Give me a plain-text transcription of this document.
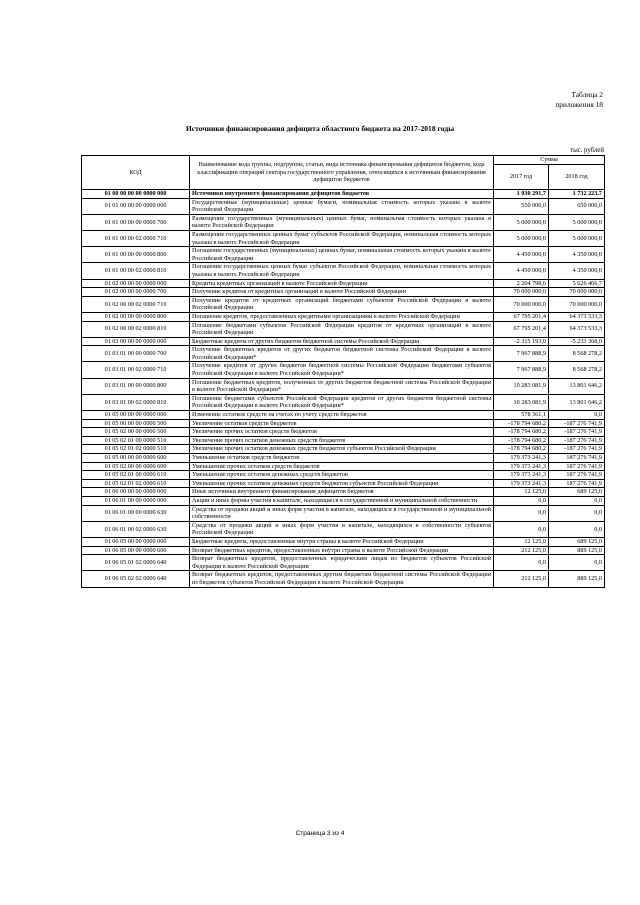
Таблица 2
приложения 18
Источники финансирования дефицита областного бюджета на 2017-2018 годы
тыс. рублей
КОД	Наименование кода группы, подгруппы, статьи, вида источника финансирования дефицитов бюджетов, кода классификации операций сектора государственного управления, относящихся к источникам финансирования дефицитов бюджетов	Сумма	
		2017 год	2018 год
01 00 00 00 00 0000 000	Источники внутреннего финансирования дефицитов бюджетов	1 030 291,7	1 732 223,7
01 01 00 00 00 0000 000	Государственные (муниципальные) ценные бумаги, номинальная стоимость которых указана в валюте Российской Федерации	550 000,0	650 000,0
01 01 00 00 00 0000 700	Размещение государственных (муниципальных) ценных бумаг, номинальная стоимость которых указана в валюте Российской Федерации	5 000 000,0	5 000 000,0
01 01 00 00 02 0000 710	Размещение государственных ценных бумаг субъектов Российской Федерации, номинальная стоимость которых указана в валюте Российской Федерации	5 000 000,0	5 000 000,0
01 01 00 00 00 0000 800	Погашение государственных (муниципальных) ценных бумаг, номинальная стоимость которых указана в валюте Российской Федерации	4 450 000,0	4 350 000,0
01 01 00 00 02 0000 810	Погашение государственных ценных бумаг субъектов Российской Федерации, номинальная стоимость которых указана в валюте Российской Федерации	4 450 000,0	4 350 000,0
01 02 00 00 00 0000 000	Кредиты кредитных организаций в валюте Российской Федерации	2 204 798,6	5 626 466,7
01 02 00 00 00 0000 700	Получение кредитов от кредитных организаций в валюте Российской Федерации	70 000 000,0	70 000 000,0
01 02 00 00 02 0000 710	Получение кредитов от кредитных организаций бюджетами субъектов Российской Федерации в валюте Российской Федерации	70 000 000,0	70 000 000,0
01 02 00 00 00 0000 800	Погашение кредитов, предоставленных кредитными организациями в валюте Российской Федерации	67 795 201,4	64 373 533,3
01 02 00 00 02 0000 810	Погашение бюджетами субъектов Российской Федерации кредитов от кредитных организаций в валюте Российской Федерации	67 795 201,4	64 373 533,3
01 03 00 00 00 0000 000	Бюджетные кредиты от других бюджетов бюджетной системы Российской Федерации	-2 315 193,0	-5 233 368,0
01 03 01 00 00 0000 700	Получение бюджетных кредитов от других бюджетов бюджетной системы Российской Федерации в валюте Российской Федерации*	7 967 888,9	8 568 278,2
01 03 01 00 02 0000 710	Получение кредитов от других бюджетов бюджетной системы Российской Федерации бюджетами субъектов Российской Федерации в валюте Российской Федерации*	7 967 888,9	8 568 278,2
01 03 01 00 00 0000 800	Погашение бюджетных кредитов, полученных от других бюджетов бюджетной системы Российской Федерации в валюте Российской Федерации*	10 283 081,9	13 801 646,2
01 03 01 00 02 0000 810	Погашение бюджетами субъектов Российской Федерации кредитов от других бюджетов бюджетной системы Российской Федерации в валюте Российской Федерации*	10 283 081,9	13 801 646,2
01 05 00 00 00 0000 000	Изменение остатков средств на счетах по учету средств бюджетов	578 561,1	0,0
01 05 00 00 00 0000 500	Увеличение остатков средств бюджетов	-178 794 680,2	-187 276 741,9
01 05 02 00 00 0000 500	Увеличение прочих остатков средств бюджетов	-178 794 680,2	-187 276 741,9
01 05 02 01 00 0000 510	Увеличение прочих остатков денежных средств бюджетов	-178 794 680,2	-187 276 741,9
01 05 02 01 02 0000 510	Увеличение прочих остатков денежных средств бюджетов субъектов Российской Федерации	-178 794 680,2	-187 276 741,9
01 05 00 00 00 0000 600	Уменьшение остатков средств бюджетов	179 373 241,3	187 276 741,9
01 05 02 00 00 0000 600	Уменьшение прочих остатков средств бюджетов	179 373 241,3	187 276 741,9
01 05 02 01 00 0000 610	Уменьшение прочих остатков денежных средств бюджетов	179 373 241,3	187 276 741,9
01 05 02 01 02 0000 610	Уменьшение прочих остатков денежных средств бюджетов субъектов Российской Федерации	179 373 241,3	187 276 741,9
01 06 00 00 00 0000 000	Иные источники внутреннего финансирования дефицитов бюджетов	12 125,0	689 125,0
01 06 01 00 00 0000 000	Акции и иные формы участия в капитале, находящиеся в государственной и муниципальной собственности	0,0	0,0
01 06 01 00 00 0000 630	Средства от продажи акций и иных форм участия в капитале, находящихся в государственной и муниципальной собственности	0,0	0,0
01 06 01 00 02 0000 630	Средства от продажи акций и иных форм участия в капитале, находящихся в собственности субъектов Российской Федерации	0,0	0,0
01 06 05 00 00 0000 000	Бюджетные кредиты, предоставленные внутри страны в валюте Российской Федерации	12 125,0	689 125,0
01 06 05 00 00 0000 600	Возврат бюджетных кредитов, предоставленных внутри страны в валюте Российской Федерации	212 125,0	889 125,0
01 06 05 01 02 0000 640	Возврат бюджетных кредитов, предоставленных юридическим лицам из бюджетов субъектов Российской Федерации в валюте Российской Федерации	0,0	0,0
01 06 05 02 02 0000 640	Возврат бюджетных кредитов, предоставленных другим бюджетам бюджетной системы Российской Федерации из бюджетов субъектов Российской Федерации в валюте Российской Федерации	212 125,0	889 125,0
Страница 3 из 4
